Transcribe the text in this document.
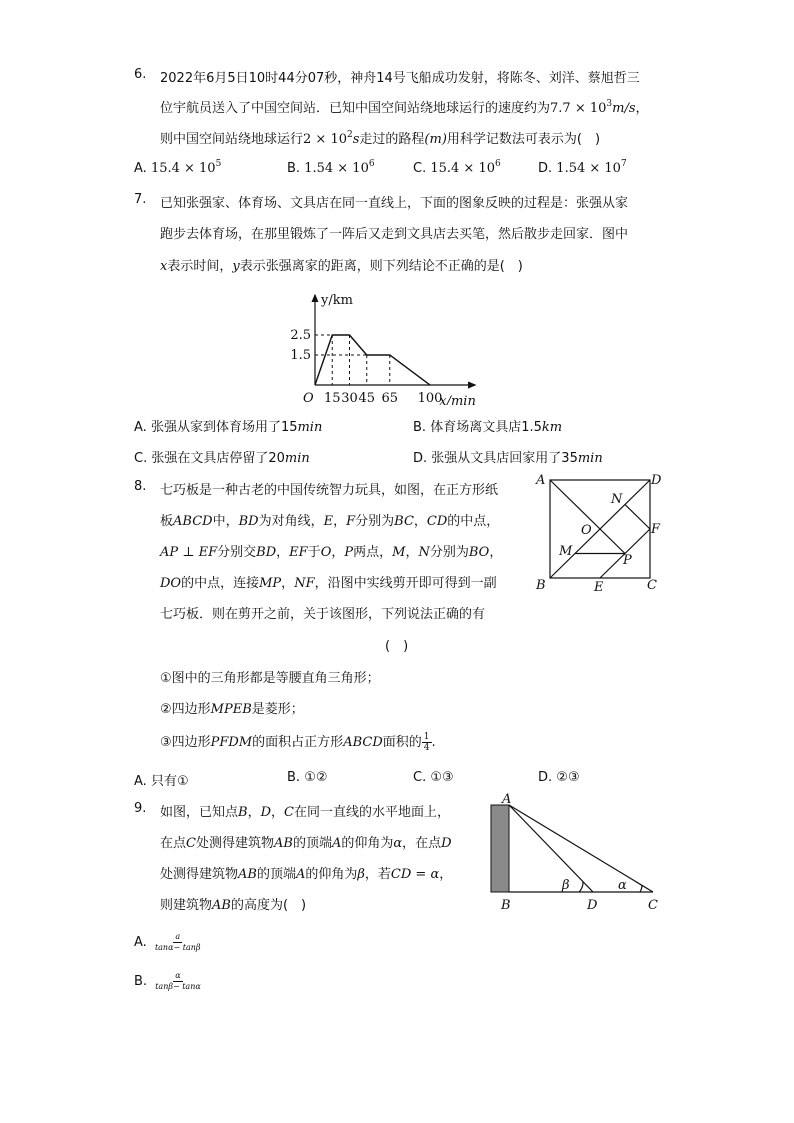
6. 2022年6月5日10时44分07秒，神舟14号飞船成功发射，将陈冬、刘洋、蔡旭哲三
位宇航员送入了中国空间站．已知中国空间站绕地球运行的速度约为$7.7 \times 10^3m/s$，
则中国空间站绕地球运行$2 \times 10^2s$走过的路程(m)用科学记数法可表示为(　)
A. $15.4 \times 10^5$	B. $1.54 \times 10^6$	C. $15.4 \times 10^6$	D. $1.54 \times 10^7$
7. 已知张强家、体育场、文具店在同一直线上，下面的图象反映的过程是：张强从家
跑步去体育场，在那里锻炼了一阵后又走到文具店去买笔，然后散步走回家．图中
x表示时间，y表示张强离家的距离，则下列结论不正确的是(　)
15 30 45 65 100
1.5
2.5
O	x/min
y/km
A. 张强从家到体育场用了15min	B. 体育场离文具店1.5km
C. 张强在文具店停留了20min	D. 张强从文具店回家用了35min
8. 七巧板是一种古老的中国传统智力玩具，如图，在正方形纸
板ABCD中，BD为对角线，E，F分别为BC，CD的中点，
AP ⊥ EF分别交BD，EF于O，P两点，M，N分别为BO，
DO的中点，连接MP，NF，沿图中实线剪开即可得到一副
七巧板．则在剪开之前，关于该图形，下列说法正确的有
(　)
①图中的三角形都是等腰直角三角形；
②四边形MPEB是菱形；
③四边形PFDM的面积占正方形ABCD面积的 $\frac{1}{4}$ .
A. 只有①	B. ①②	C. ①③	D. ②③
A	D
B	C
E
F
N
O
M
P
9. 如图，已知点B，D，C在同一直线的水平地面上，
在点C处测得建筑物AB的顶端A的仰角为α，在点D
处测得建筑物AB的顶端A的仰角为β，若CD = α，
则建筑物AB的高度为(　)
A. $\frac{a}{\tan\alpha- \tan\beta}$
B. $\frac{\alpha}{\tan\beta- \tan\alpha}$
A
B	D	C
β	α
